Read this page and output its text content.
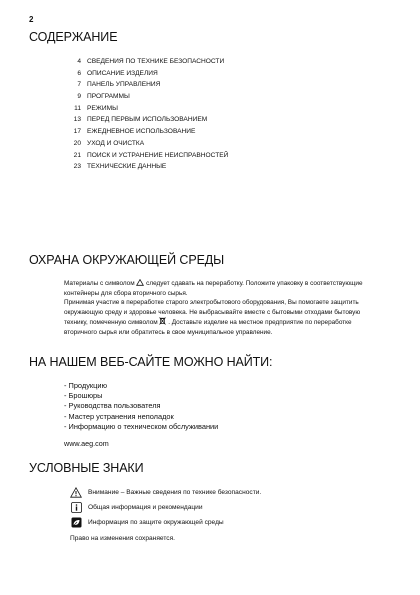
2
СОДЕРЖАНИЕ
4 СВЕДЕНИЯ ПО ТЕХНИКЕ БЕЗОПАСНОСТИ
6 ОПИСАНИЕ ИЗДЕЛИЯ
7 ПАНЕЛЬ УПРАВЛЕНИЯ
9 ПРОГРАММЫ
11 РЕЖИМЫ
13 ПЕРЕД ПЕРВЫМ ИСПОЛЬЗОВАНИЕМ
17 ЕЖЕДНЕВНОЕ ИСПОЛЬЗОВАНИЕ
20 УХОД И ОЧИСТКА
21 ПОИСК И УСТРАНЕНИЕ НЕИСПРАВНОСТЕЙ
23 ТЕХНИЧЕСКИЕ ДАННЫЕ
ОХРАНА ОКРУЖАЮЩЕЙ СРЕДЫ

Материалы с символом следует сдавать на переработку. Положите упаковку в соответствующие контейнеры для сбора вторичного сырья.

Принимая участие в переработке старого электробытового оборудования, Вы помогаете защитить окружающую среду и здоровье человека. Не выбрасывайте вместе с бытовыми отходами бытовую технику, помеченную символом . Доставьте изделие на местное предприятие по переработке вторичного сырья или обратитесь в свое муниципальное управление.

НА НАШЕМ ВЕБ-САЙТЕ МОЖНО НАЙТИ:
- Продукцию
- Брошюры
- Руководства пользователя
- Мастер устранения неполадок
- Информацию о техническом обслуживании
www.aeg.com
УСЛОВНЫЕ ЗНАКИ
Внимание – Важные сведения по технике безопасности.
Общая информация и рекомендации
Информация по защите окружающей среды
Право на изменения сохраняется.
